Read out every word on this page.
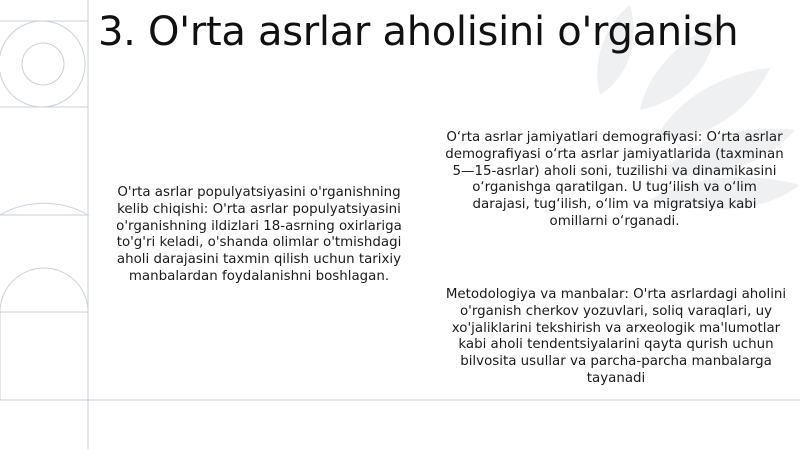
3. O'rta asrlar aholisini o'rganish
O'rta asrlar populyatsiyasini o'rganishning kelib chiqishi: O'rta asrlar populyatsiyasini o'rganishning ildizlari 18-asrning oxirlariga to'g'ri keladi, o'shanda olimlar o'tmishdagi aholi darajasini taxmin qilish uchun tarixiy manbalardan foydalanishni boshlagan.
O‘rta asrlar jamiyatlari demografiyasi: O‘rta asrlar demografiyasi o‘rta asrlar jamiyatlarida (taxminan 5—15-asrlar) aholi soni, tuzilishi va dinamikasini o‘rganishga qaratilgan. U tug‘ilish va o‘lim darajasi, tug‘ilish, o‘lim va migratsiya kabi omillarni o‘rganadi.
Metodologiya va manbalar: O'rta asrlardagi aholini o'rganish cherkov yozuvlari, soliq varaqlari, uy xo'jaliklarini tekshirish va arxeologik ma'lumotlar kabi aholi tendentsiyalarini qayta qurish uchun bilvosita usullar va parcha-parcha manbalarga tayanadi
